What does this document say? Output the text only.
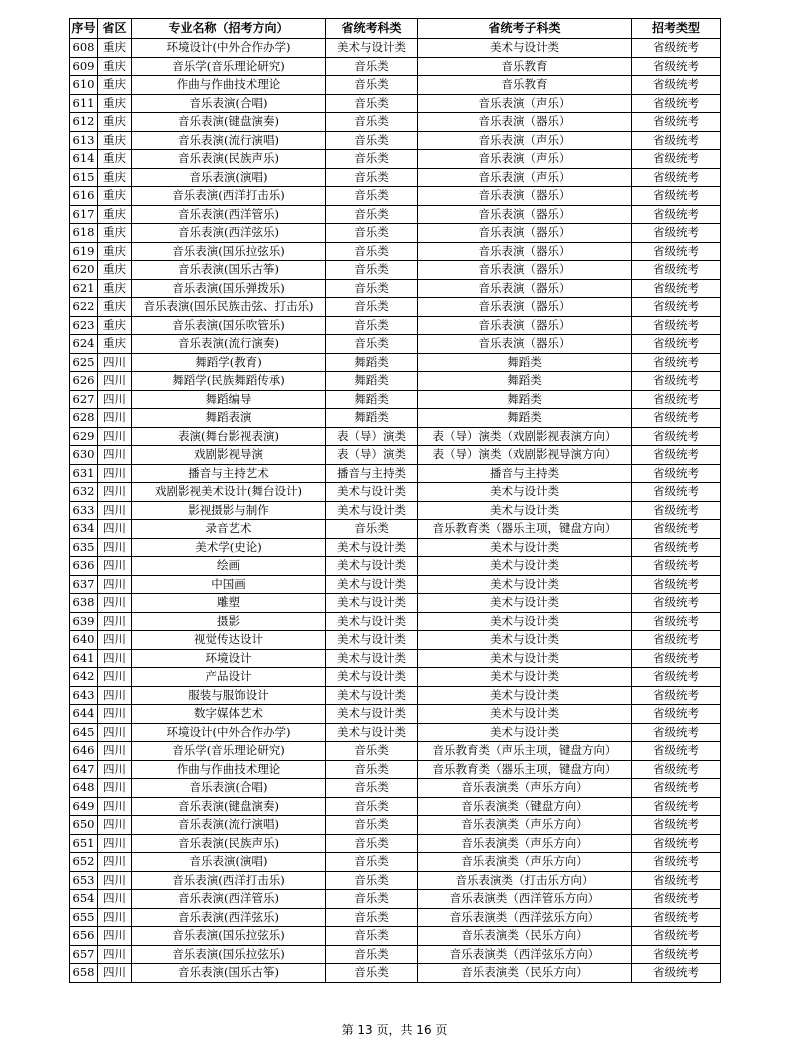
序号	省区	专业名称（招考方向）	省统考科类	省统考子科类	招考类型
608	重庆	环境设计(中外合作办学)	美术与设计类	美术与设计类	省级统考
609	重庆	音乐学(音乐理论研究)	音乐类	音乐教育	省级统考
610	重庆	作曲与作曲技术理论	音乐类	音乐教育	省级统考
611	重庆	音乐表演(合唱)	音乐类	音乐表演（声乐）	省级统考
612	重庆	音乐表演(键盘演奏)	音乐类	音乐表演（器乐）	省级统考
613	重庆	音乐表演(流行演唱)	音乐类	音乐表演（声乐）	省级统考
614	重庆	音乐表演(民族声乐)	音乐类	音乐表演（声乐）	省级统考
615	重庆	音乐表演(演唱)	音乐类	音乐表演（声乐）	省级统考
616	重庆	音乐表演(西洋打击乐)	音乐类	音乐表演（器乐）	省级统考
617	重庆	音乐表演(西洋管乐)	音乐类	音乐表演（器乐）	省级统考
618	重庆	音乐表演(西洋弦乐)	音乐类	音乐表演（器乐）	省级统考
619	重庆	音乐表演(国乐拉弦乐)	音乐类	音乐表演（器乐）	省级统考
620	重庆	音乐表演(国乐古筝)	音乐类	音乐表演（器乐）	省级统考
621	重庆	音乐表演(国乐弹拨乐)	音乐类	音乐表演（器乐）	省级统考
622	重庆	音乐表演(国乐民族击弦、打击乐)	音乐类	音乐表演（器乐）	省级统考
623	重庆	音乐表演(国乐吹管乐)	音乐类	音乐表演（器乐）	省级统考
624	重庆	音乐表演(流行演奏)	音乐类	音乐表演（器乐）	省级统考
625	四川	舞蹈学(教育)	舞蹈类	舞蹈类	省级统考
626	四川	舞蹈学(民族舞蹈传承)	舞蹈类	舞蹈类	省级统考
627	四川	舞蹈编导	舞蹈类	舞蹈类	省级统考
628	四川	舞蹈表演	舞蹈类	舞蹈类	省级统考
629	四川	表演(舞台影视表演)	表（导）演类	表（导）演类（戏剧影视表演方向）	省级统考
630	四川	戏剧影视导演	表（导）演类	表（导）演类（戏剧影视导演方向）	省级统考
631	四川	播音与主持艺术	播音与主持类	播音与主持类	省级统考
632	四川	戏剧影视美术设计(舞台设计)	美术与设计类	美术与设计类	省级统考
633	四川	影视摄影与制作	美术与设计类	美术与设计类	省级统考
634	四川	录音艺术	音乐类	音乐教育类（器乐主项，键盘方向）	省级统考
635	四川	美术学(史论)	美术与设计类	美术与设计类	省级统考
636	四川	绘画	美术与设计类	美术与设计类	省级统考
637	四川	中国画	美术与设计类	美术与设计类	省级统考
638	四川	雕塑	美术与设计类	美术与设计类	省级统考
639	四川	摄影	美术与设计类	美术与设计类	省级统考
640	四川	视觉传达设计	美术与设计类	美术与设计类	省级统考
641	四川	环境设计	美术与设计类	美术与设计类	省级统考
642	四川	产品设计	美术与设计类	美术与设计类	省级统考
643	四川	服装与服饰设计	美术与设计类	美术与设计类	省级统考
644	四川	数字媒体艺术	美术与设计类	美术与设计类	省级统考
645	四川	环境设计(中外合作办学)	美术与设计类	美术与设计类	省级统考
646	四川	音乐学(音乐理论研究)	音乐类	音乐教育类（声乐主项，键盘方向）	省级统考
647	四川	作曲与作曲技术理论	音乐类	音乐教育类（器乐主项，键盘方向）	省级统考
648	四川	音乐表演(合唱)	音乐类	音乐表演类（声乐方向）	省级统考
649	四川	音乐表演(键盘演奏)	音乐类	音乐表演类（键盘方向）	省级统考
650	四川	音乐表演(流行演唱)	音乐类	音乐表演类（声乐方向）	省级统考
651	四川	音乐表演(民族声乐)	音乐类	音乐表演类（声乐方向）	省级统考
652	四川	音乐表演(演唱)	音乐类	音乐表演类（声乐方向）	省级统考
653	四川	音乐表演(西洋打击乐)	音乐类	音乐表演类（打击乐方向）	省级统考
654	四川	音乐表演(西洋管乐)	音乐类	音乐表演类（西洋管乐方向）	省级统考
655	四川	音乐表演(西洋弦乐)	音乐类	音乐表演类（西洋弦乐方向）	省级统考
656	四川	音乐表演(国乐拉弦乐)	音乐类	音乐表演类（民乐方向）	省级统考
657	四川	音乐表演(国乐拉弦乐)	音乐类	音乐表演类（西洋弦乐方向）	省级统考
658	四川	音乐表演(国乐古筝)	音乐类	音乐表演类（民乐方向）	省级统考
第 13 页，共 16 页
